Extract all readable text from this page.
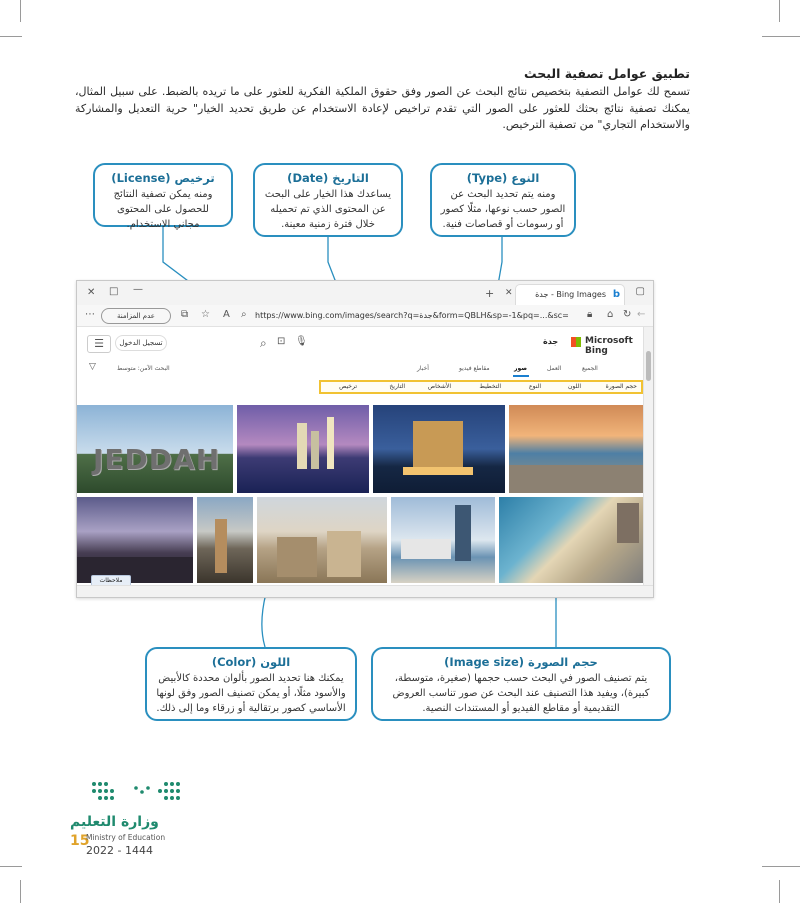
تطبيق عوامل تصفية البحث
تسمح لك عوامل التصفية بتخصيص نتائج البحث عن الصور وفق حقوق الملكية الفكرية للعثور على ما تريده بالضبط. على سبيل المثال، يمكنك تصفية نتائج بحثك للعثور على الصور التي تقدم تراخيص لإعادة الاستخدام عن طريق تحديد الخيار" حرية التعديل والمشاركة والاستخدام التجاري" من تصفية الترخيص.
ترخيص (License)
ومنه يمكن تصفية النتائج للحصول على المحتوى مجاني الاستخدام.
التاريخ (Date)
يساعدك هذا الخيار على البحث عن المحتوى الذي تم تحميله خلال فترة زمنية معينة.
النوع (Type)
ومنه يتم تحديد البحث عن الصور حسب نوعها، مثلًا كصور أو رسومات أو قصاصات فنية.
✕ □ —	+ ✕	Bing Images - جدة b ▢
⋯	عدم المزامنة	⧉ ☆ A ⌕ https://www.bing.com/images/search?q=جدة&form=QBLH&sp=-1&pq=...&sc=	🔒︎ ⌂ ↻ ←
☰	تسجيل الدخول	⌕ ⊡ 🎙︎	جدة	Microsoft Bing
البحث الآمن: متوسط
▽	الجميع
العمل
صور
مقاطع فيديو
أخبار
حجم الصورة
اللون
النوع
التخطيط
الأشخاص
التاريخ
ترخيص
JEDDAH
ملاحظات
اللون (Color)
يمكنك هنا تحديد الصور بألوان محددة كالأبيض والأسود مثلًا، أو يمكن تصنيف الصور وفق لونها الأساسي كصور برتقالية أو زرقاء وما إلى ذلك.
حجم الصورة (Image size)
يتم تصنيف الصور في البحث حسب حجمها (صغيرة، متوسطة، كبيرة)، ويفيد هذا التصنيف عند البحث عن صور تناسب العروض التقديمية أو مقاطع الفيديو أو المستندات النصية.
وزارة التعليم
15
Ministry of Education
2022 - 1444
